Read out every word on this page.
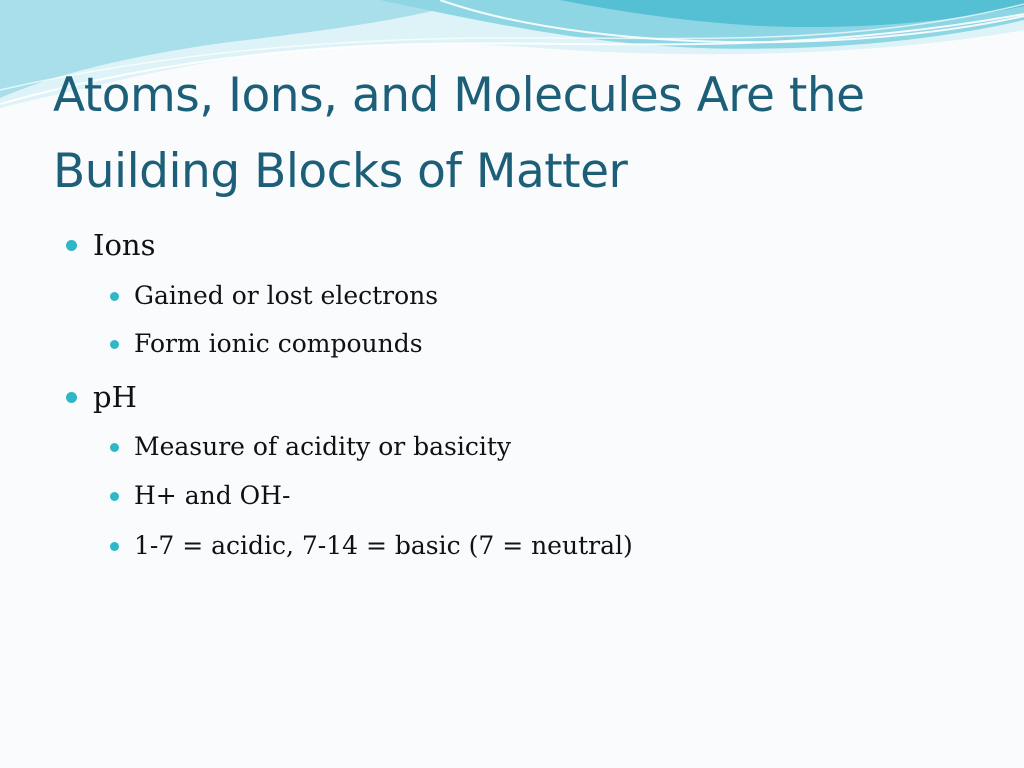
Atoms, Ions, and Molecules Are the
Building Blocks of Matter
Ions
Gained or lost electrons
Form ionic compounds
pH
Measure of acidity or basicity
H+ and OH-
1-7 = acidic, 7-14 = basic (7 = neutral)
